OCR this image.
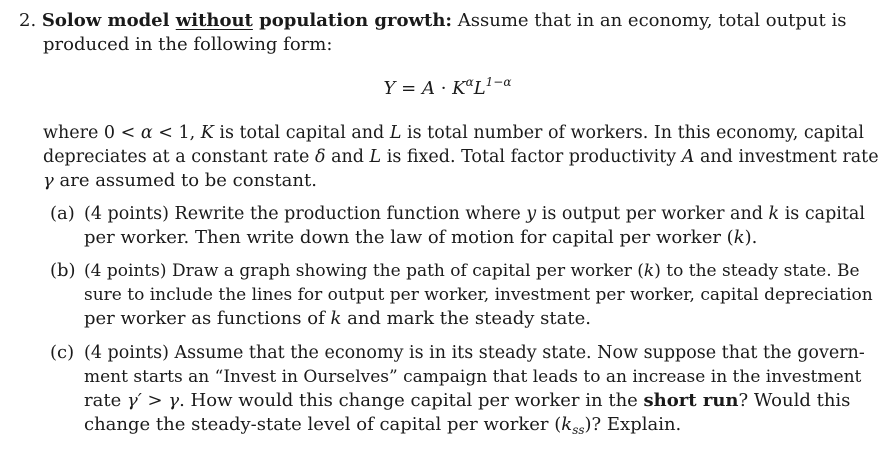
2. Solow model without population growth: Assume that in an economy, total output is
produced in the following form:
$Y = A \cdot K^\alpha L^{1-\alpha}$
where 0 < α < 1, K is total capital and L is total number of workers. In this economy, capital
depreciates at a constant rate δ and L is fixed. Total factor productivity A and investment rate
γ are assumed to be constant.
(a) (4 points) Rewrite the production function where y is output per worker and k is capital
per worker. Then write down the law of motion for capital per worker (k).
(b) (4 points) Draw a graph showing the path of capital per worker (k) to the steady state. Be
sure to include the lines for output per worker, investment per worker, capital depreciation
per worker as functions of k and mark the steady state.
(c) (4 points) Assume that the economy is in its steady state. Now suppose that the govern-
ment starts an “Invest in Ourselves” campaign that leads to an increase in the investment
rate γ′ > γ. How would this change capital per worker in the short run? Would this
change the steady-state level of capital per worker $(k_{ss})$? Explain.
